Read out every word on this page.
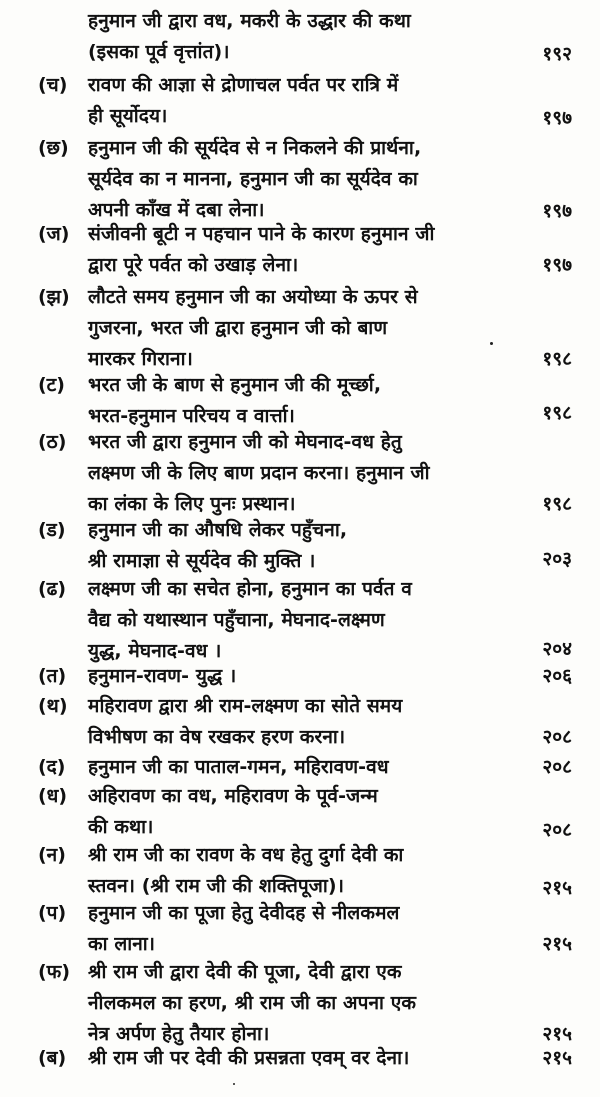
हनुमान जी द्वारा वध, मकरी के उद्धार की कथा
(इसका पूर्व वृत्तांत)।	१९२
(च)	रावण की आज्ञा से द्रोणाचल पर्वत पर रात्रि में
ही सूर्योदय।	१९७
(छ)	हनुमान जी की सूर्यदेव से न निकलने की प्रार्थना,
सूर्यदेव का न मानना, हनुमान जी का सूर्यदेव का
अपनी काँख में दबा लेना।	१९७
(ज) संजीवनी बूटी न पहचान पाने के कारण हनुमान जी
द्वारा पूरे पर्वत को उखाड़ लेना।	१९७
(झ) लौटते समय हनुमान जी का अयोध्या के ऊपर से
गुजरना, भरत जी द्वारा हनुमान जी को बाण
मारकर गिराना।	१९८
(ट)	भरत जी के बाण से हनुमान जी की मूर्च्छा,
भरत-हनुमान परिचय व वार्त्ता।	१९८
(ठ)	भरत जी द्वारा हनुमान जी को मेघनाद-वध हेतु
लक्ष्मण जी के लिए बाण प्रदान करना। हनुमान जी
का लंका के लिए पुनः प्रस्थान।	१९८
(ड)	हनुमान जी का औषधि लेकर पहुँचना,
श्री रामाज्ञा से सूर्यदेव की मुक्ति ।	२०३
(ढ)	लक्ष्मण जी का सचेत होना, हनुमान का पर्वत व
वैद्य को यथास्थान पहुँचाना, मेघनाद-लक्ष्मण
युद्ध, मेघनाद-वध ।	२०४
(त)	हनुमान-रावण- युद्ध ।	२०६
(थ)	महिरावण द्वारा श्री राम-लक्ष्मण का सोते समय
विभीषण का वेष रखकर हरण करना।	२०८
(द)	हनुमान जी का पाताल-गमन, महिरावण-वध	२०८
(ध)	अहिरावण का वध, महिरावण के पूर्व-जन्म
की कथा।	२०८
(न)	श्री राम जी का रावण के वध हेतु दुर्गा देवी का
स्तवन। (श्री राम जी की शक्तिपूजा)।	२१५
(प)	हनुमान जी का पूजा हेतु देवीदह से नीलकमल
का लाना।	२१५
(फ) श्री राम जी द्वारा देवी की पूजा, देवी द्वारा एक
नीलकमल का हरण, श्री राम जी का अपना एक
नेत्र अर्पण हेतु तैयार होना।	२१५
(ब)	श्री राम जी पर देवी की प्रसन्नता एवम् वर देना।	२१५
